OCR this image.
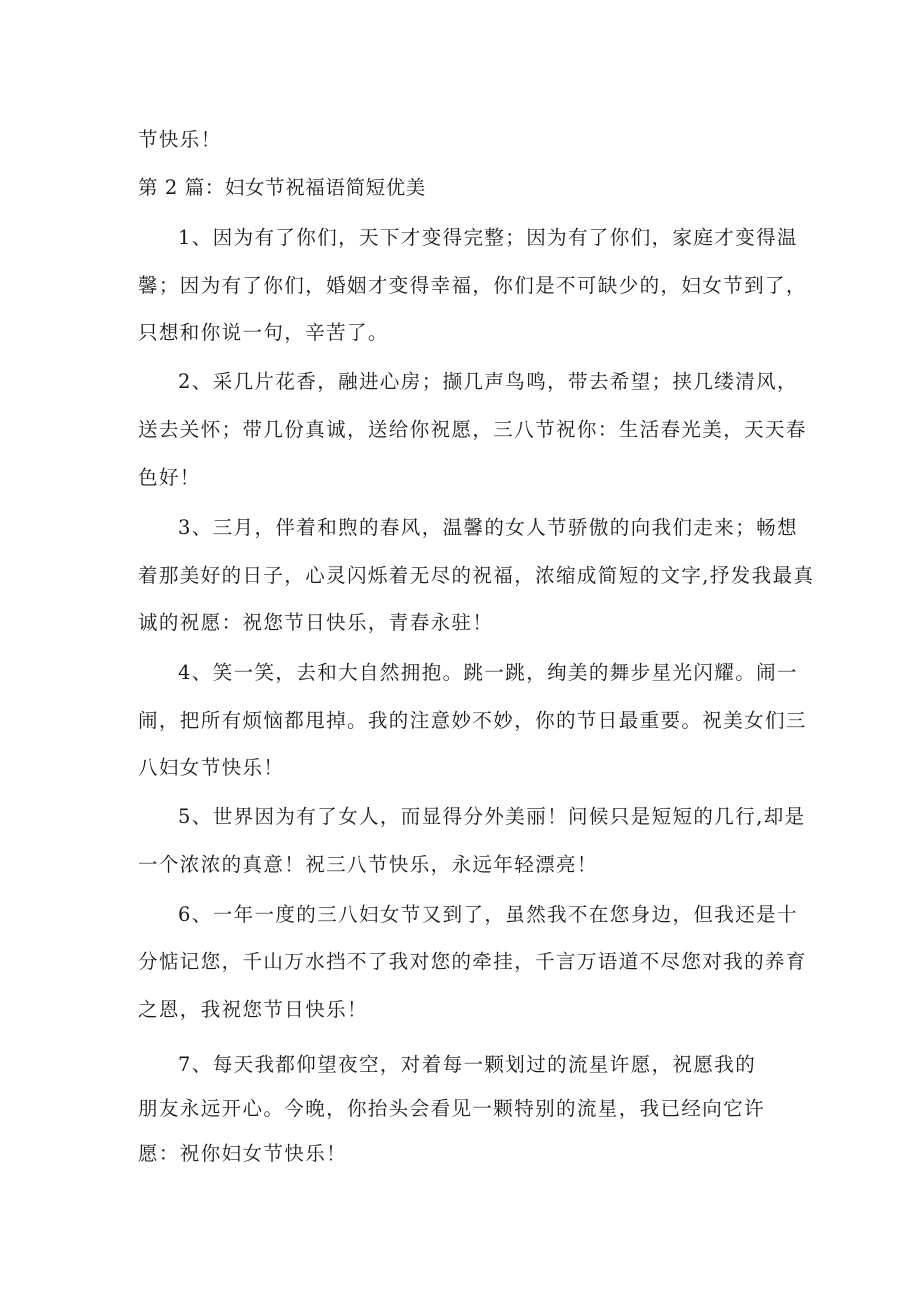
节快乐！
第 2 篇：妇女节祝福语简短优美
1、因为有了你们，天下才变得完整；因为有了你们，家庭才变得温
馨；因为有了你们，婚姻才变得幸福，你们是不可缺少的，妇女节到了，
只想和你说一句，辛苦了。
2、采几片花香，融进心房；撷几声鸟鸣，带去希望；挟几缕清风，
送去关怀；带几份真诚，送给你祝愿，三八节祝你：生活春光美，天天春
色好！
3、三月，伴着和煦的春风，温馨的女人节骄傲的向我们走来；畅想
着那美好的日子，心灵闪烁着无尽的祝福，浓缩成简短的文字,抒发我最真
诚的祝愿：祝您节日快乐，青春永驻！
4、笑一笑，去和大自然拥抱。跳一跳，绚美的舞步星光闪耀。闹一
闹，把所有烦恼都甩掉。我的注意妙不妙，你的节日最重要。祝美女们三
八妇女节快乐！
5、世界因为有了女人，而显得分外美丽！问候只是短短的几行,却是
一个浓浓的真意！祝三八节快乐，永远年轻漂亮！
6、一年一度的三八妇女节又到了，虽然我不在您身边，但我还是十
分惦记您，千山万水挡不了我对您的牵挂，千言万语道不尽您对我的养育
之恩，我祝您节日快乐！
7、每天我都仰望夜空，对着每一颗划过的流星许愿，祝愿我的
朋友永远开心。今晚，你抬头会看见一颗特别的流星，我已经向它许
愿：祝你妇女节快乐！
